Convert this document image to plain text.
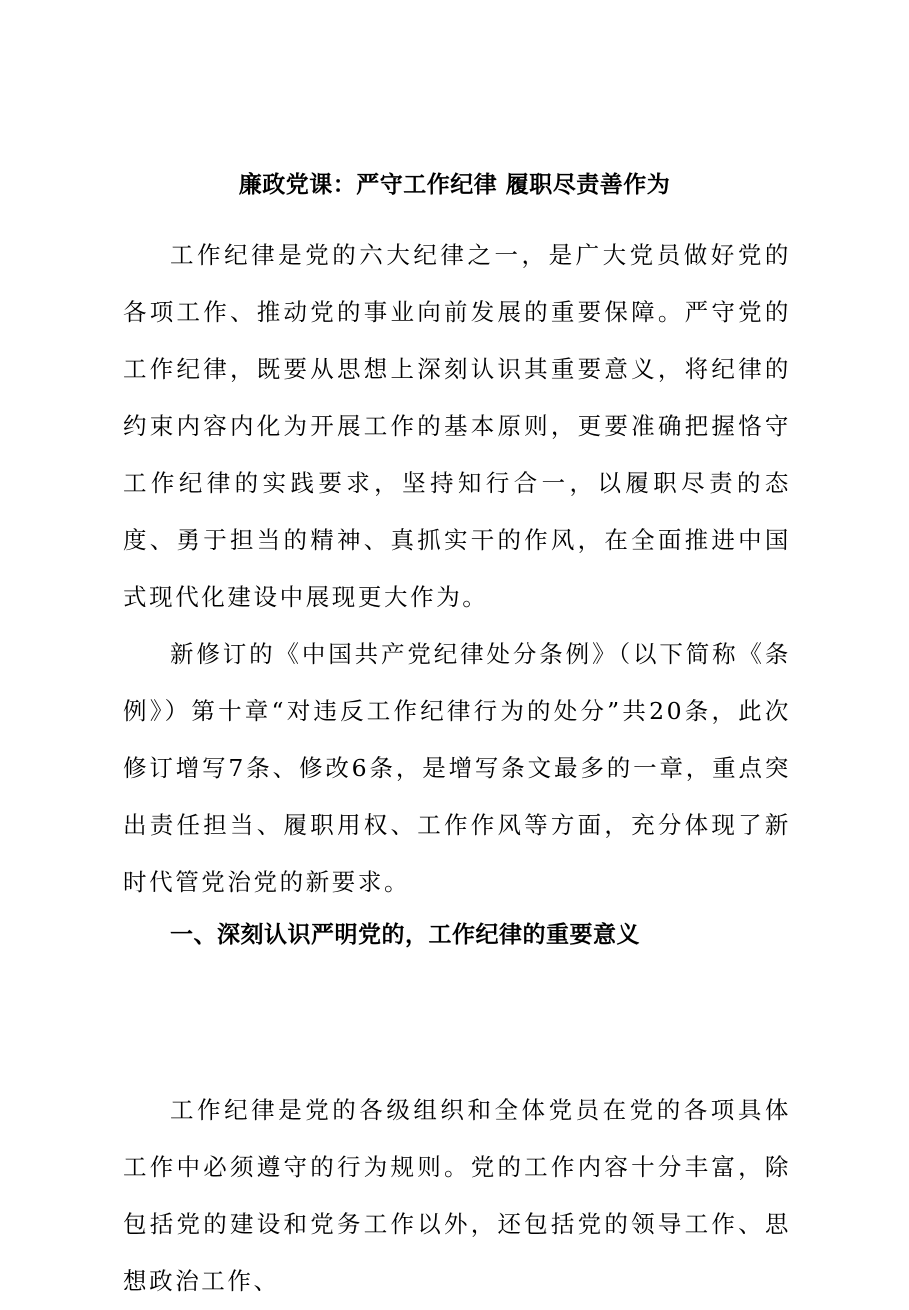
廉政党课：严守工作纪律 履职尽责善作为

工作纪律是党的六大纪律之一，是广大党员做好党的各项工作、推动党的事业向前发展的重要保障。严守党的工作纪律，既要从思想上深刻认识其重要意义，将纪律的约束内容内化为开展工作的基本原则，更要准确把握恪守工作纪律的实践要求，坚持知行合一，以履职尽责的态度、勇于担当的精神、真抓实干的作风，在全面推进中国式现代化建设中展现更大作为。

新修订的《中国共产党纪律处分条例》（以下简称《条例》）第十章“对违反工作纪律行为的处分”共20条，此次修订增写7条、修改6条，是增写条文最多的一章，重点突出责任担当、履职用权、工作作风等方面，充分体现了新时代管党治党的新要求。

一、深刻认识严明党的，工作纪律的重要意义

工作纪律是党的各级组织和全体党员在党的各项具体工作中必须遵守的行为规则。党的工作内容十分丰富，除包括党的建设和党务工作以外，还包括党的领导工作、思想政治工作、
